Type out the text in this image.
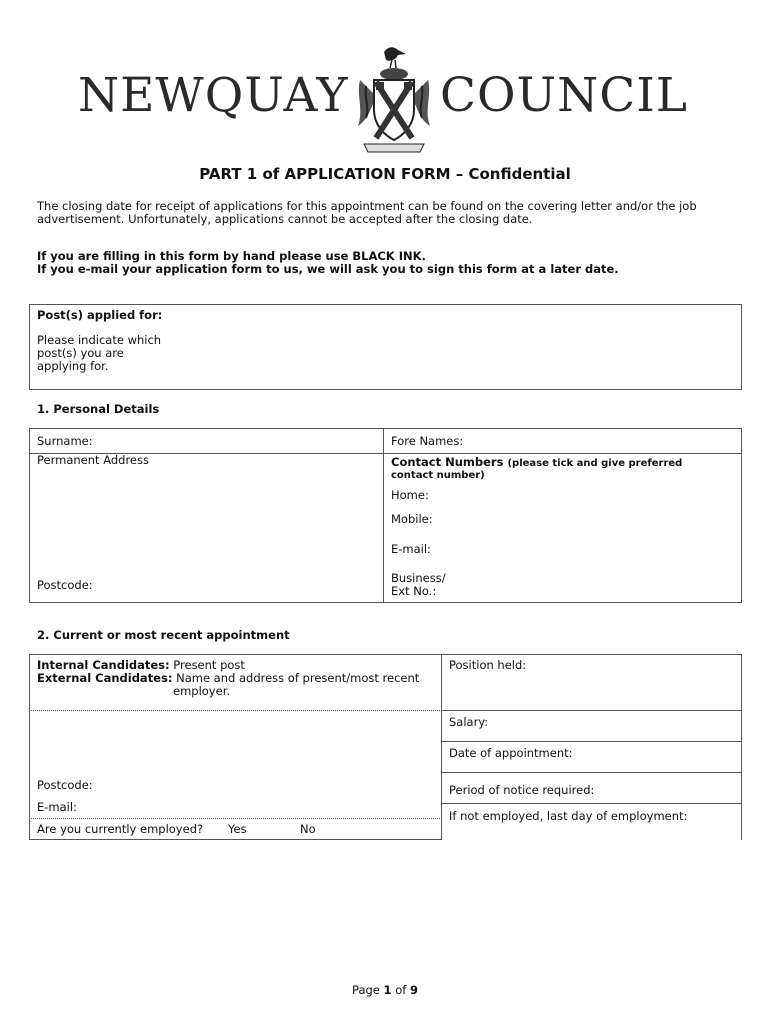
NEWQUAY COUNCIL
PART 1 of APPLICATION FORM – Confidential
The closing date for receipt of applications for this appointment can be found on the covering letter and/or the job
advertisement. Unfortunately, applications cannot be accepted after the closing date.
If you are filling in this form by hand please use BLACK INK.
If you e-mail your application form to us, we will ask you to sign this form at a later date.
Post(s) applied for:
Please indicate which
post(s) you are
applying for.
1. Personal Details
Surname:	Fore Names:
Permanent Address
Postcode:
Contact Numbers (please tick and give preferred
contact number)
Home:
Mobile:
E-mail:
Business/
Ext No.:
2. Current or most recent appointment
Internal Candidates: Present post
External Candidates: Name and address of present/most recent
employer.
Postcode:
E-mail:
Are you currently employed? Yes	No
Position held:
Salary:
Date of appointment:
Period of notice required:
If not employed, last day of employment:
Page 1 of 9
